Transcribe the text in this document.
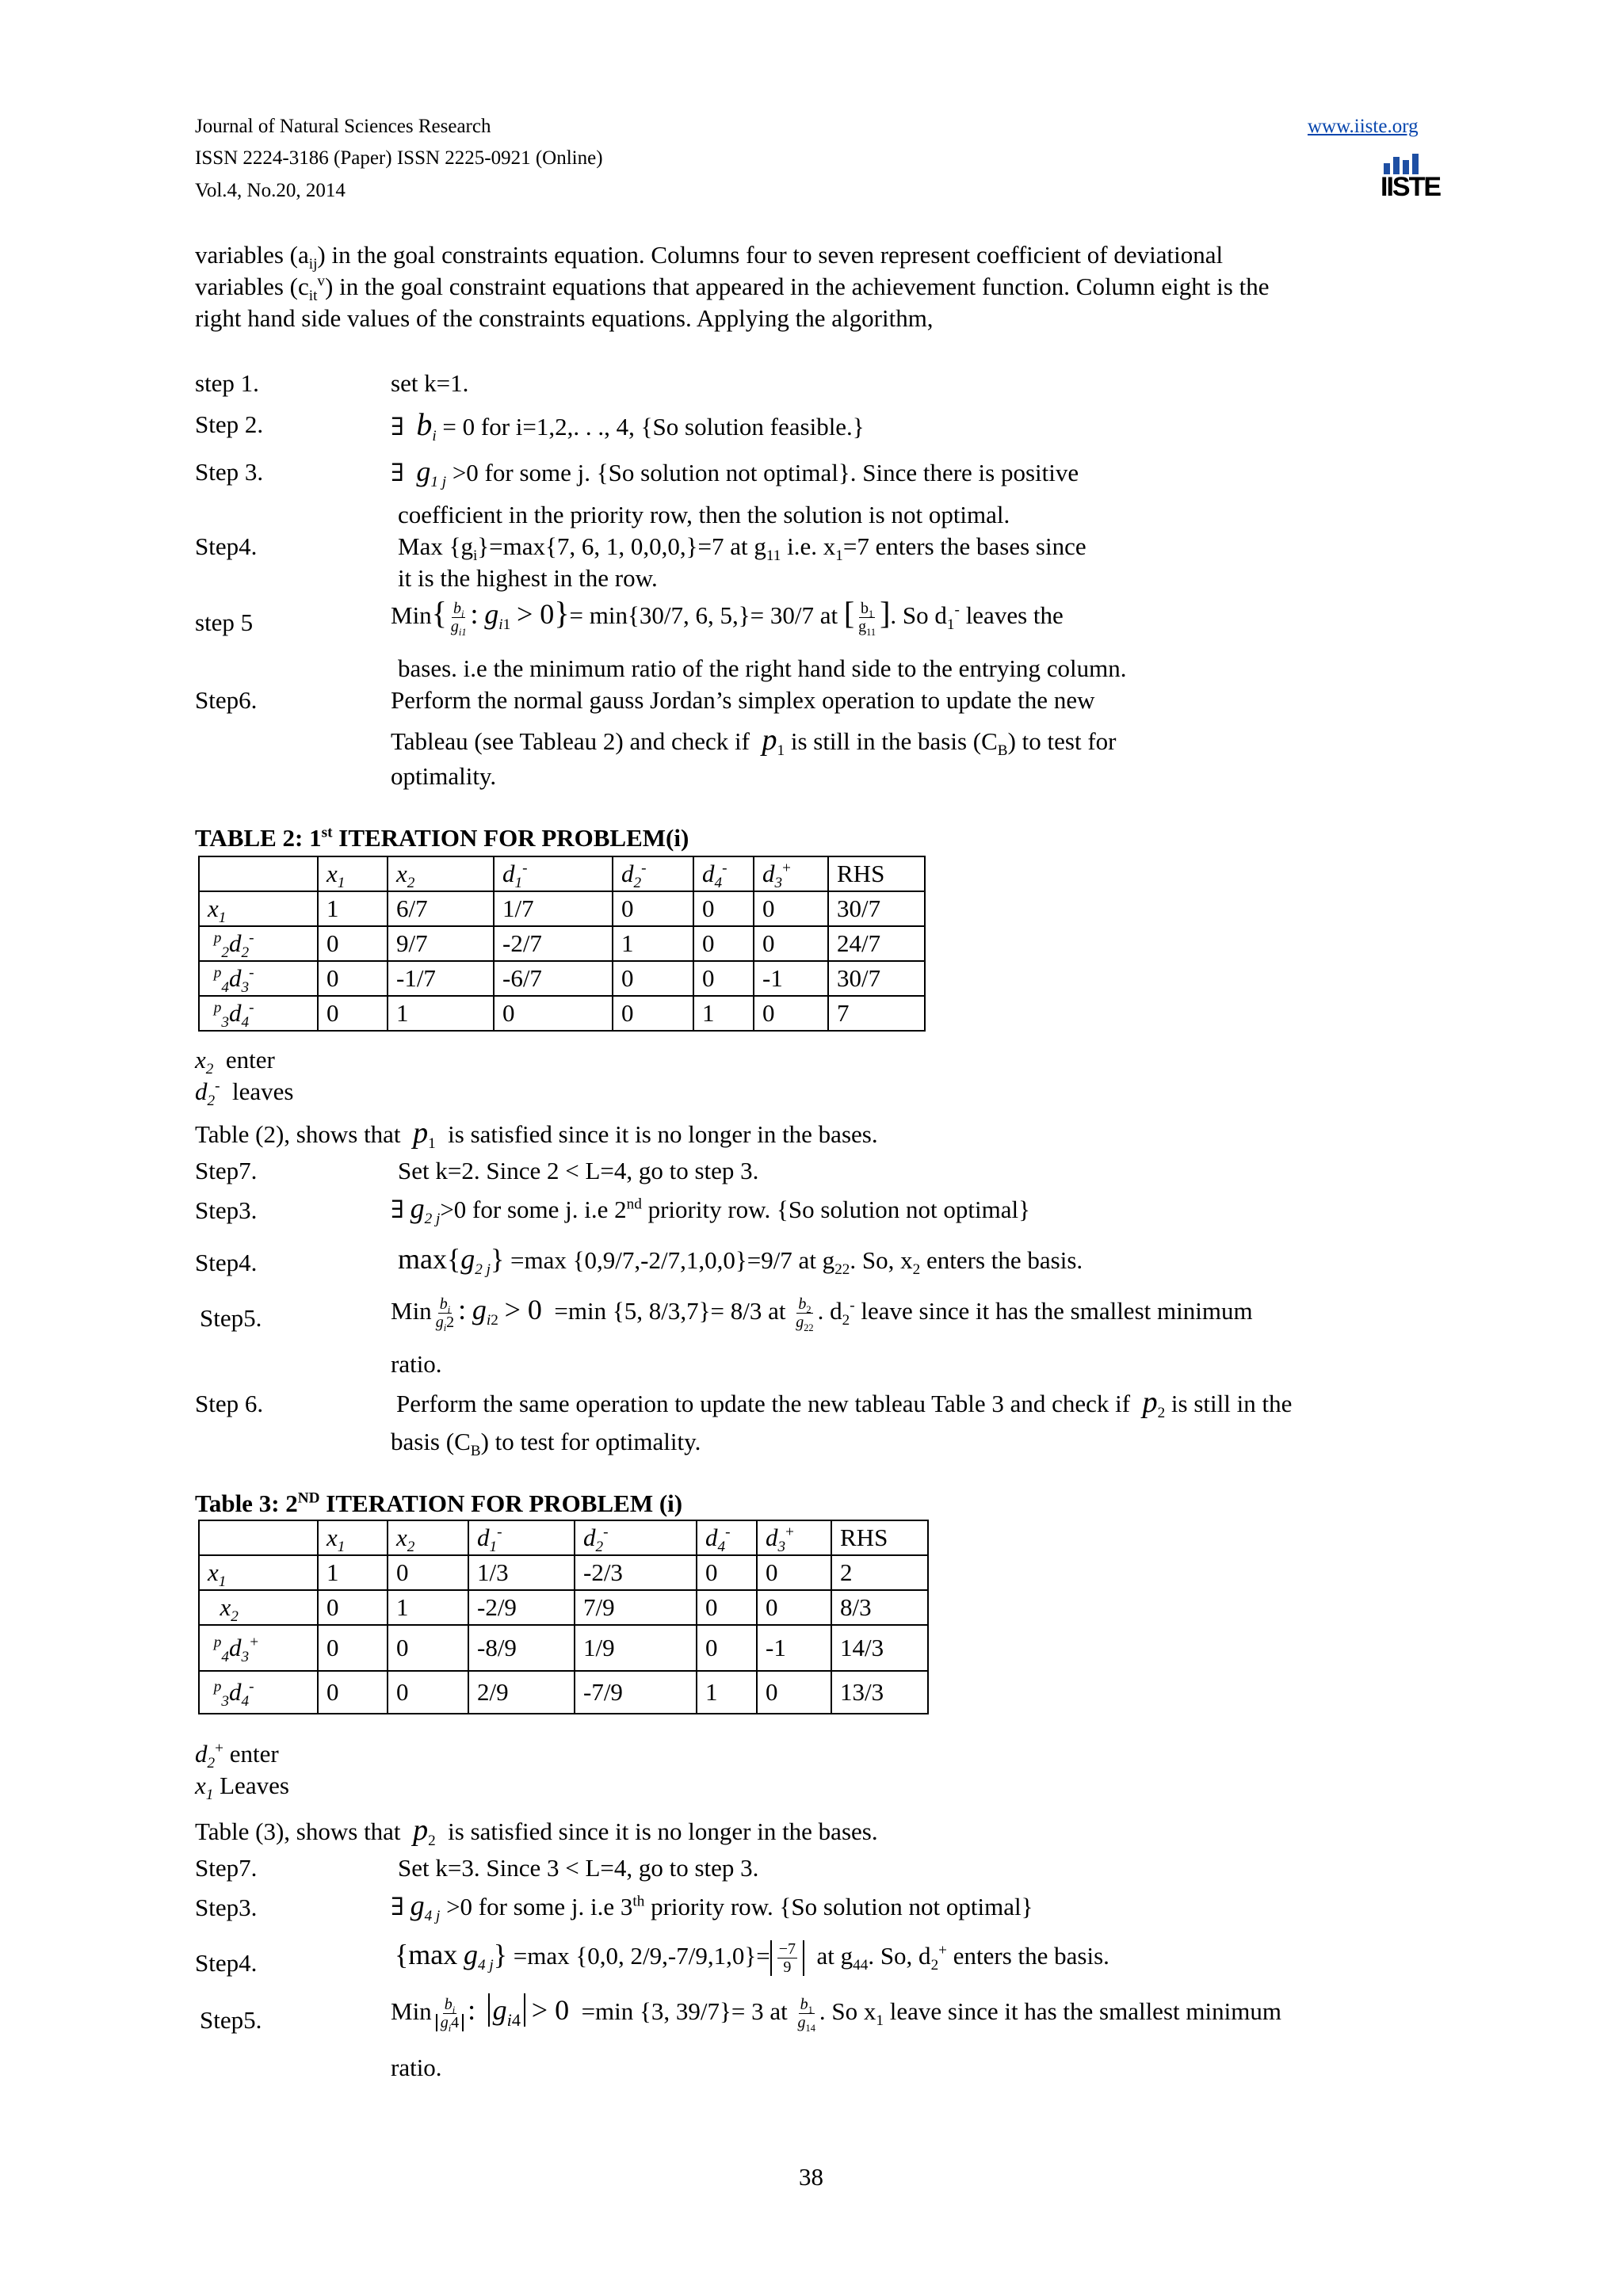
Journal of Natural Sciences Research
ISSN 2224-3186 (Paper) ISSN 2225-0921 (Online)
Vol.4, No.20, 2014
www.iiste.org
IISTE
variables $(a_{ij})$ in the goal constraints equation. Columns four to seven represent coefficient of deviational
variables $(c_{it}^v)$ in the goal constraint equations that appeared in the achievement function. Column eight is the
right hand side values of the constraints equations. Applying the algorithm,
step 1.	set k=1.
Step 2.	∃  $b_i = 0$ for i=1,2,. . ., 4, {So solution feasible.}
Step 3.	∃  $g_{1 j} >0$ for some j. {So solution not optimal}. Since there is positive
coefficient in the priority row, then the solution is not optimal.
Step4.	Max $\{g_i\}=\max\{7$, 6, 1, 0,0,0,}=7 at $g_{11}$ i.e. $x_1=7$ enters the bases since
it is the highest in the row.
step 5	$Min\{ \frac{b_i}{g_{i1}}$ : $g_{i1} > 0\}= \min\{30/7$, 6, 5,}= 30/7 at [ $\frac{b_1}{g_{11}}$ ]. So $d_1^-$ leaves the
bases. i.e the minimum ratio of the right hand side to the entrying column.
Step6.	Perform the normal gauss Jordan’s simplex operation to update the new
Tableau (see Tableau 2) and check if $p_1$ is still in the basis $(C_B)$ to test for
optimality.
TABLE 2: 1st ITERATION FOR PROBLEM(i)
	$x_1$	$x_2$	$d_1^-$	$d_2^-$	$d_4^-$	$d_3^+$	RHS
$x_1$	1	6/7	1/7	0	0	0	30/7
$^p_2d_2^-$	0	9/7	-2/7	1	0	0	24/7
$^p_4d_3^-$	0	-1/7	-6/7	0	0	-1	30/7
$^p_3d_4^-$	0	1	0	0	1	0	7
$x_2$ enter
$d_2^-$ leaves
Table (2), shows that $p_1$ is satisfied since it is no longer in the bases.
Step7.	Set k=2. Since 2 < L=4, go to step 3.
Step3.	∃ $g_{2 j}>0$ for some j. i.e 2nd priority row. {So solution not optimal}
Step4.	$\max\{g_{2 j}\} =\max$ {0,9/7,-2/7,1,0,0}=9/7 at $g_{22}$. So, $x_2$ enters the basis.
Step5.	Min $\frac{b_i}{g_i2}$ : $g_{i2} > 0 =\min$ {5, 8/3,7}= 8/3 at $\frac{b_2}{g_{22}}$ . $d_2^-$ leave since it has the smallest minimum
ratio.
Step 6.	Perform the same operation to update the new tableau Table 3 and check if $p_2$ is still in the
basis $(C_B)$ to test for optimality.
Table 3: 2ND ITERATION FOR PROBLEM (i)
	$x_1$	$x_2$	$d_1^-$	$d_2^-$	$d_4^-$	$d_3^+$	RHS
$x_1$	1	0	1/3	-2/3	0	0	2
$x_2$	0	1	-2/9	7/9	0	0	8/3
$^p_4d_3^+$	0	0	-8/9	1/9	0	-1	14/3
$^p_3d_4^-$	0	0	2/9	-7/9	1	0	13/3
$d_2^+$ enter
$x_1$ Leaves
Table (3), shows that $p_2$ is satisfied since it is no longer in the bases.
Step7.	Set k=3. Since 3 < L=4, go to step 3.
Step3.	∃ $g_{4 j} >0$ for some j. i.e 3th priority row. {So solution not optimal}
Step4.	{max $g_{4 j}\} =\max$ {0,0, $2/9,-7/9,1,0\}= \frac{-7}{9}$ at $g_{44}$. So, $d_2^+$ enters the basis.
Step5.	Min $\frac{b_i}{g_i4}$ : $g_{i4} > 0 =\min$ {3, 39/7}= 3 at $\frac{b_1}{g_{14}}$ . So $x_1$ leave since it has the smallest minimum
ratio.
38
